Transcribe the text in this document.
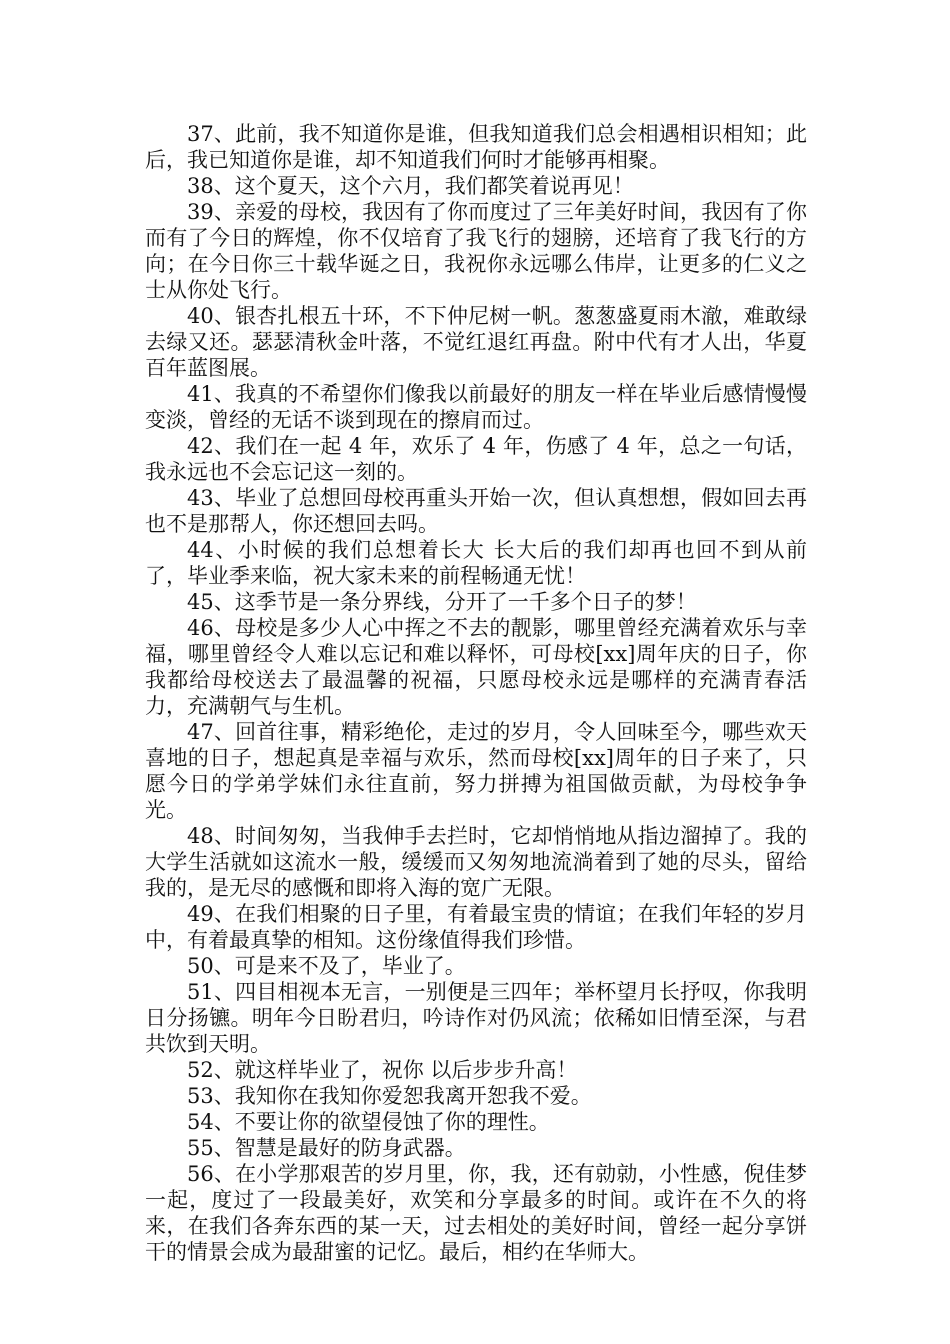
37、此前，我不知道你是谁，但我知道我们总会相遇相识相知；此后，我已知道你是谁，却不知道我们何时才能够再相聚。

38、这个夏天，这个六月，我们都笑着说再见！

39、亲爱的母校，我因有了你而度过了三年美好时间，我因有了你而有了今日的辉煌，你不仅培育了我飞行的翅膀，还培育了我飞行的方向；在今日你三十载华诞之日，我祝你永远哪么伟岸，让更多的仁义之士从你处飞行。

40、银杏扎根五十环，不下仲尼树一帆。葱葱盛夏雨木澈，难敢绿去绿又还。瑟瑟清秋金叶落，不觉红退红再盘。附中代有才人出，华夏百年蓝图展。

41、我真的不希望你们像我以前最好的朋友一样在毕业后感情慢慢变淡，曾经的无话不谈到现在的擦肩而过。

42、我们在一起 4 年，欢乐了 4 年，伤感了 4 年，总之一句话，我永远也不会忘记这一刻的。

43、毕业了总想回母校再重头开始一次，但认真想想，假如回去再也不是那帮人，你还想回去吗。

44、小时候的我们总想着长大 长大后的我们却再也回不到从前了，毕业季来临，祝大家未来的前程畅通无忧！

45、这季节是一条分界线，分开了一千多个日子的梦！

46、母校是多少人心中挥之不去的靓影，哪里曾经充满着欢乐与幸福，哪里曾经令人难以忘记和难以释怀，可母校[xx]周年庆的日子，你我都给母校送去了最温馨的祝福，只愿母校永远是哪样的充满青春活力，充满朝气与生机。

47、回首往事，精彩绝伦，走过的岁月，令人回味至今，哪些欢天喜地的日子，想起真是幸福与欢乐，然而母校[xx]周年的日子来了，只愿今日的学弟学妹们永往直前，努力拼搏为祖国做贡献，为母校争争光。

48、时间匆匆，当我伸手去拦时，它却悄悄地从指边溜掉了。我的大学生活就如这流水一般，缓缓而又匆匆地流淌着到了她的尽头，留给我的，是无尽的感慨和即将入海的宽广无限。

49、在我们相聚的日子里，有着最宝贵的情谊；在我们年轻的岁月中，有着最真挚的相知。这份缘值得我们珍惜。

50、可是来不及了，毕业了。

51、四目相视本无言，一别便是三四年；举杯望月长抒叹，你我明日分扬镳。明年今日盼君归，吟诗作对仍风流；依稀如旧情至深，与君共饮到天明。

52、就这样毕业了，祝你 以后步步升高！

53、我知你在我知你爱恕我离开恕我不爱。

54、不要让你的欲望侵蚀了你的理性。

55、智慧是最好的防身武器。

56、在小学那艰苦的岁月里，你，我，还有勍勍，小性感，倪佳梦一起，度过了一段最美好，欢笑和分享最多的时间。或许在不久的将来，在我们各奔东西的某一天，过去相处的美好时间，曾经一起分享饼干的情景会成为最甜蜜的记忆。最后，相约在华师大。
